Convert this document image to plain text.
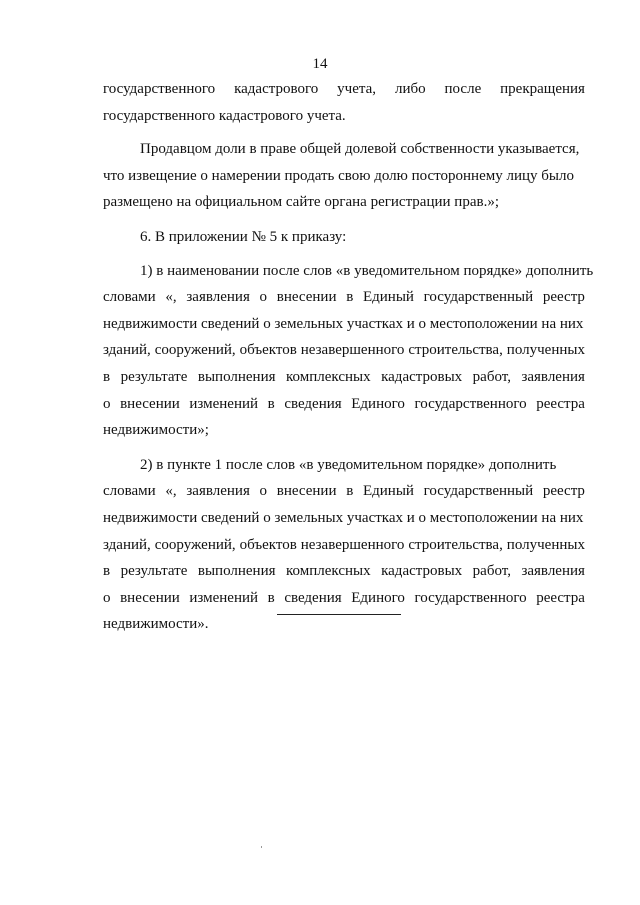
14
государственного кадастрового учета, либо после прекращения
государственного кадастрового учета.
Продавцом доли в праве общей долевой собственности указывается,
что извещение о намерении продать свою долю постороннему лицу было
размещено на официальном сайте органа регистрации прав.»;
6. В приложении № 5 к приказу:
1) в наименовании после слов «в уведомительном порядке» дополнить
словами «, заявления о внесении в Единый государственный реестр
недвижимости сведений о земельных участках и о местоположении на них
зданий, сооружений, объектов незавершенного строительства, полученных
в результате выполнения комплексных кадастровых работ, заявления
о внесении изменений в сведения Единого государственного реестра
недвижимости»;
2) в пункте 1 после слов «в уведомительном порядке» дополнить
словами «, заявления о внесении в Единый государственный реестр
недвижимости сведений о земельных участках и о местоположении на них
зданий, сооружений, объектов незавершенного строительства, полученных
в результате выполнения комплексных кадастровых работ, заявления
о внесении изменений в сведения Единого государственного реестра
недвижимости».
